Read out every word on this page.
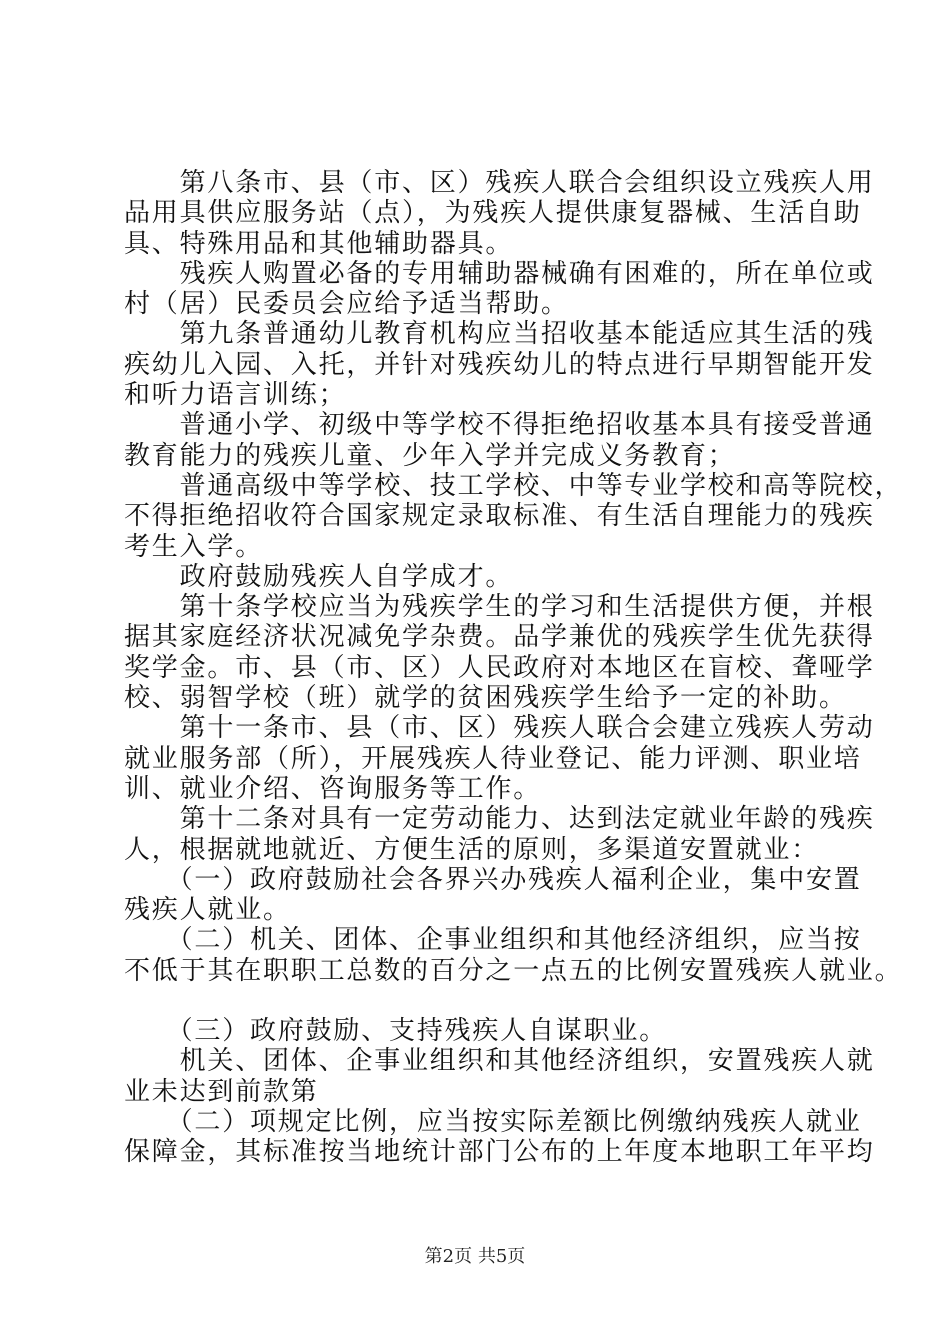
　　第八条市、县（市、区）残疾人联合会组织设立残疾人用
品用具供应服务站（点），为残疾人提供康复器械、生活自助
具、特殊用品和其他辅助器具。
　　残疾人购置必备的专用辅助器械确有困难的，所在单位或
村（居）民委员会应给予适当帮助。
　　第九条普通幼儿教育机构应当招收基本能适应其生活的残
疾幼儿入园、入托，并针对残疾幼儿的特点进行早期智能开发
和听力语言训练；
　　普通小学、初级中等学校不得拒绝招收基本具有接受普通
教育能力的残疾儿童、少年入学并完成义务教育；
　　普通高级中等学校、技工学校、中等专业学校和高等院校，
不得拒绝招收符合国家规定录取标准、有生活自理能力的残疾
考生入学。
　　政府鼓励残疾人自学成才。
　　第十条学校应当为残疾学生的学习和生活提供方便，并根
据其家庭经济状况减免学杂费。品学兼优的残疾学生优先获得
奖学金。市、县（市、区）人民政府对本地区在盲校、聋哑学
校、弱智学校（班）就学的贫困残疾学生给予一定的补助。
　　第十一条市、县（市、区）残疾人联合会建立残疾人劳动
就业服务部（所），开展残疾人待业登记、能力评测、职业培
训、就业介绍、咨询服务等工作。
　　第十二条对具有一定劳动能力、达到法定就业年龄的残疾
人，根据就地就近、方便生活的原则，多渠道安置就业：
　　（一）政府鼓励社会各界兴办残疾人福利企业，集中安置
残疾人就业。
　　（二）机关、团体、企事业组织和其他经济组织，应当按
不低于其在职职工总数的百分之一点五的比例安置残疾人就业。
　　（三）政府鼓励、支持残疾人自谋职业。
　　机关、团体、企事业组织和其他经济组织，安置残疾人就
业未达到前款第
　　（二）项规定比例，应当按实际差额比例缴纳残疾人就业
保障金，其标准按当地统计部门公布的上年度本地职工年平均
第2页 共5页
